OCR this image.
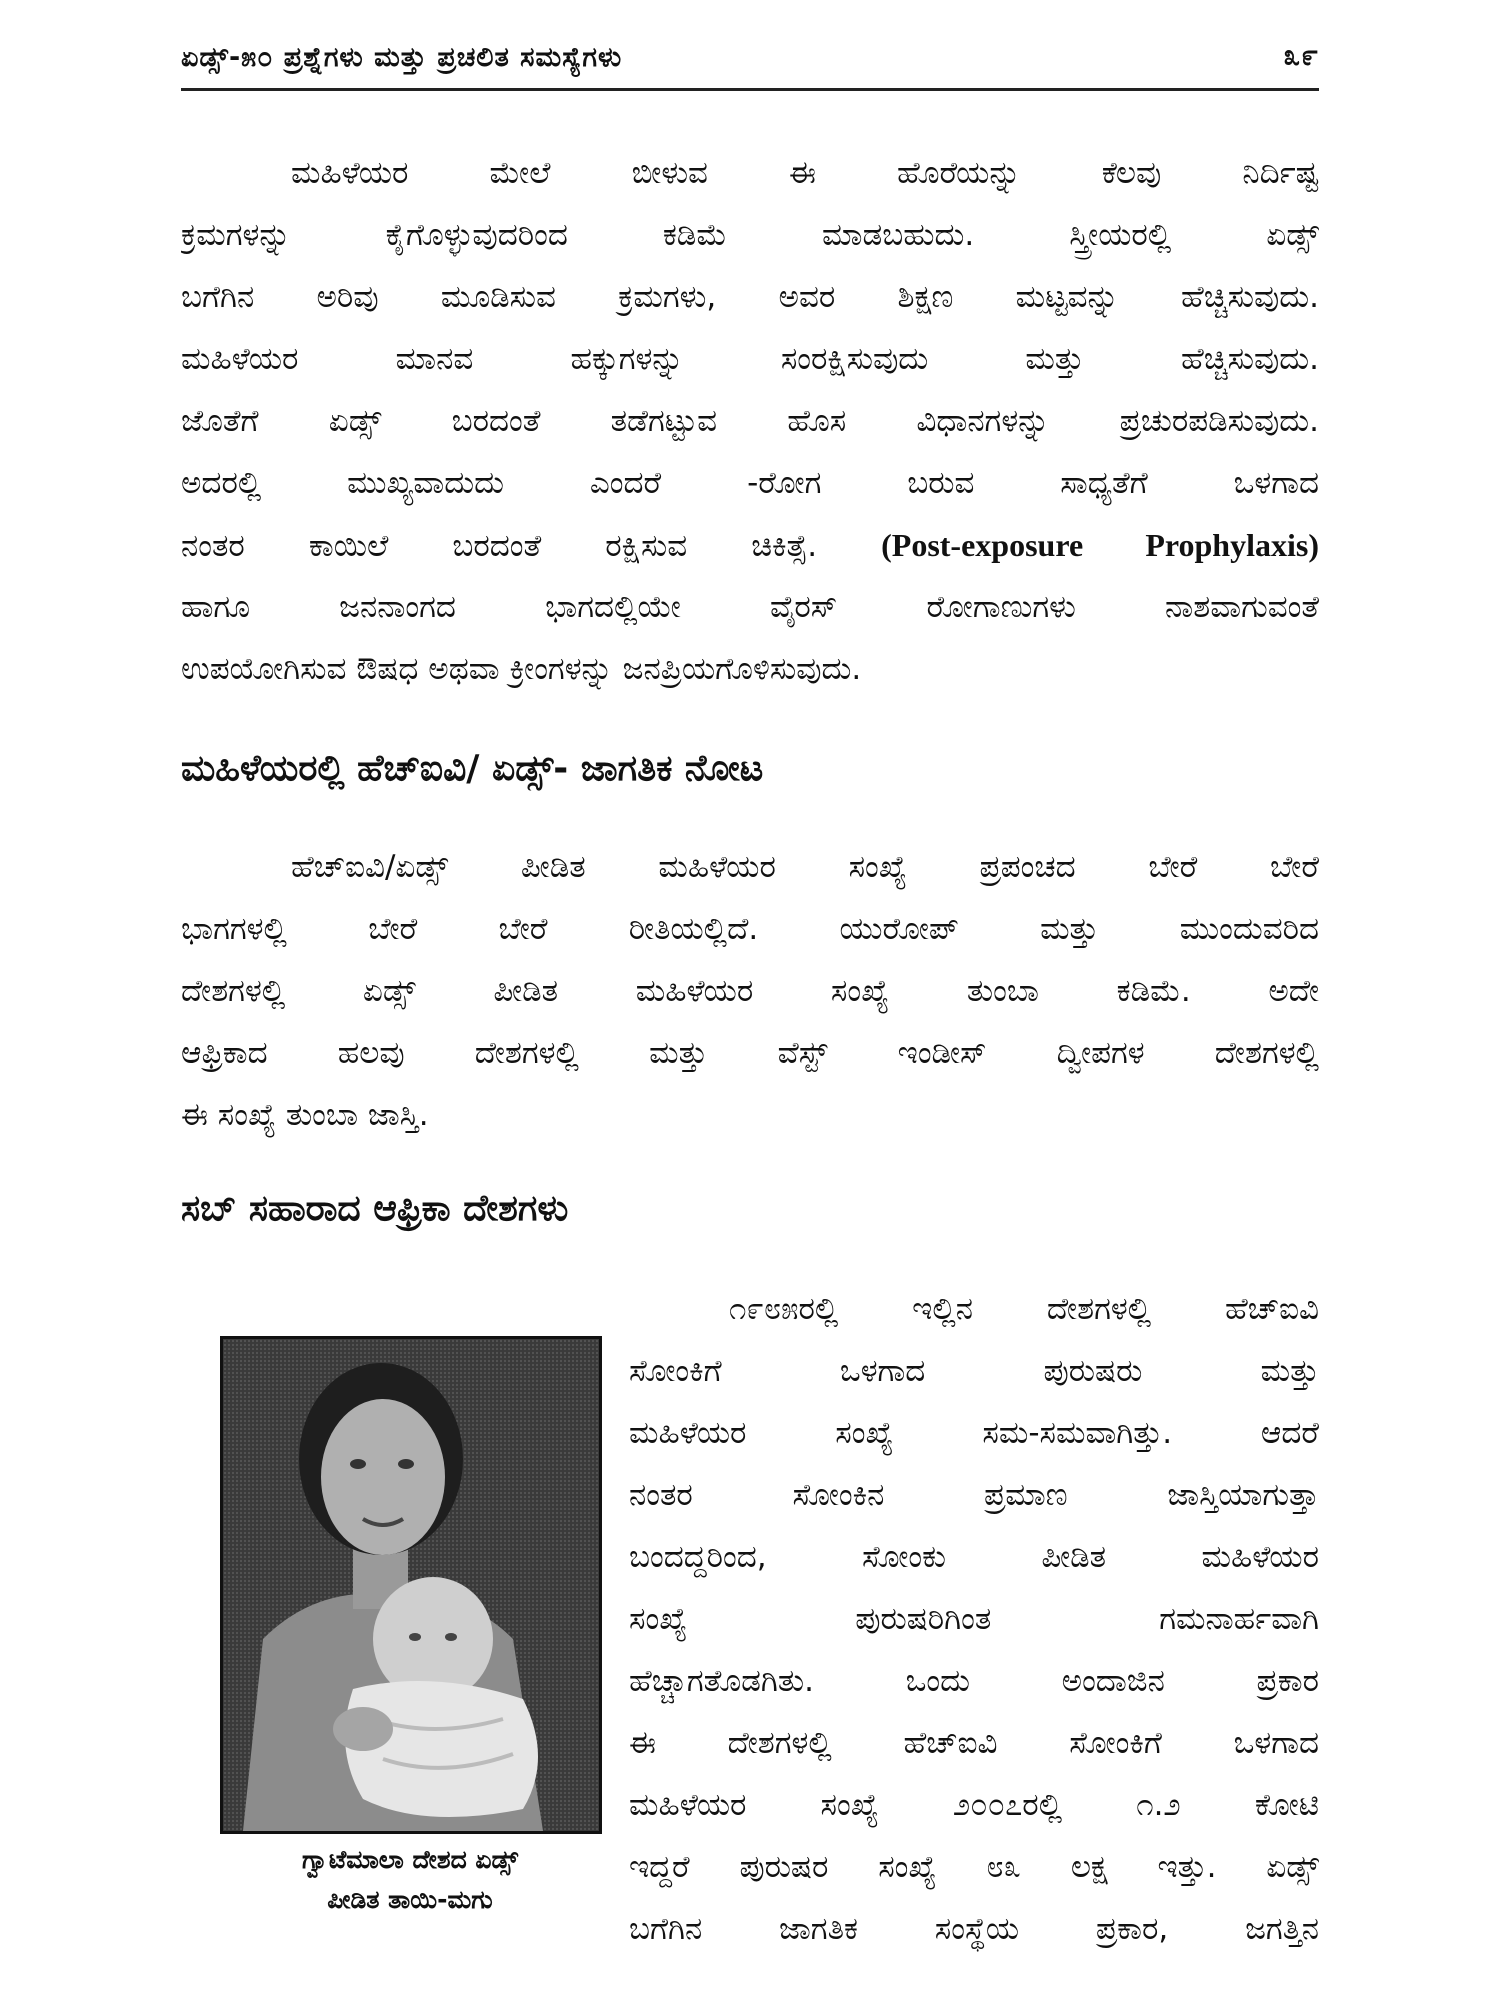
ಏಡ್ಸ್-೫೦ ಪ್ರಶ್ನೆಗಳು ಮತ್ತು ಪ್ರಚಲಿತ ಸಮಸ್ಯೆಗಳು	೩೯
ಮಹಿಳೆಯರ ಮೇಲೆ ಬೀಳುವ ಈ ಹೊರೆಯನ್ನು ಕೆಲವು ನಿರ್ದಿಷ್ಟ
ಕ್ರಮಗಳನ್ನು ಕೈಗೊಳ್ಳುವುದರಿಂದ ಕಡಿಮೆ ಮಾಡಬಹುದು. ಸ್ತ್ರೀಯರಲ್ಲಿ ಏಡ್ಸ್
ಬಗೆಗಿನ ಅರಿವು ಮೂಡಿಸುವ ಕ್ರಮಗಳು, ಅವರ ಶಿಕ್ಷಣ ಮಟ್ಟವನ್ನು ಹೆಚ್ಚಿಸುವುದು.
ಮಹಿಳೆಯರ ಮಾನವ ಹಕ್ಕುಗಳನ್ನು ಸಂರಕ್ಷಿಸುವುದು ಮತ್ತು ಹೆಚ್ಚಿಸುವುದು.
ಜೊತೆಗೆ ಏಡ್ಸ್ ಬರದಂತೆ ತಡೆಗಟ್ಟುವ ಹೊಸ ವಿಧಾನಗಳನ್ನು ಪ್ರಚುರಪಡಿಸುವುದು.
ಅದರಲ್ಲಿ ಮುಖ್ಯವಾದುದು ಎಂದರೆ -ರೋಗ ಬರುವ ಸಾಧ್ಯತೆಗೆ ಒಳಗಾದ
ನಂತರ ಕಾಯಿಲೆ ಬರದಂತೆ ರಕ್ಷಿಸುವ ಚಿಕಿತ್ಸೆ. (Post-exposure Prophylaxis)
ಹಾಗೂ ಜನನಾಂಗದ ಭಾಗದಲ್ಲಿಯೇ ವೈರಸ್ ರೋಗಾಣುಗಳು ನಾಶವಾಗುವಂತೆ
ಉಪಯೋಗಿಸುವ ಔಷಧ ಅಥವಾ ಕ್ರೀಂಗಳನ್ನು ಜನಪ್ರಿಯಗೊಳಿಸುವುದು.
ಮಹಿಳೆಯರಲ್ಲಿ ಹೆಚ್‌ಐವಿ/ ಏಡ್ಸ್- ಜಾಗತಿಕ ನೋಟ
ಹೆಚ್‌ಐವಿ/ಏಡ್ಸ್ ಪೀಡಿತ ಮಹಿಳೆಯರ ಸಂಖ್ಯೆ ಪ್ರಪಂಚದ ಬೇರೆ ಬೇರೆ
ಭಾಗಗಳಲ್ಲಿ ಬೇರೆ ಬೇರೆ ರೀತಿಯಲ್ಲಿದೆ. ಯುರೋಪ್ ಮತ್ತು ಮುಂದುವರಿದ
ದೇಶಗಳಲ್ಲಿ ಏಡ್ಸ್ ಪೀಡಿತ ಮಹಿಳೆಯರ ಸಂಖ್ಯೆ ತುಂಬಾ ಕಡಿಮೆ. ಅದೇ
ಆಫ್ರಿಕಾದ ಹಲವು ದೇಶಗಳಲ್ಲಿ ಮತ್ತು ವೆಸ್ಟ್ ಇಂಡೀಸ್ ದ್ವೀಪಗಳ ದೇಶಗಳಲ್ಲಿ
ಈ ಸಂಖ್ಯೆ ತುಂಬಾ ಜಾಸ್ತಿ.
ಸಬ್ ಸಹಾರಾದ ಆಫ್ರಿಕಾ ದೇಶಗಳು
ಗ್ವಾಟೆಮಾಲಾ ದೇಶದ ಏಡ್ಸ್
ಪೀಡಿತ ತಾಯಿ-ಮಗು
೧೯೮೫ರಲ್ಲಿ ಇಲ್ಲಿನ ದೇಶಗಳಲ್ಲಿ ಹೆಚ್‌ಐವಿ
ಸೋಂಕಿಗೆ ಒಳಗಾದ ಪುರುಷರು ಮತ್ತು
ಮಹಿಳೆಯರ ಸಂಖ್ಯೆ ಸಮ-ಸಮವಾಗಿತ್ತು. ಆದರೆ
ನಂತರ ಸೋಂಕಿನ ಪ್ರಮಾಣ ಜಾಸ್ತಿಯಾಗುತ್ತಾ
ಬಂದದ್ದರಿಂದ, ಸೋಂಕು ಪೀಡಿತ ಮಹಿಳೆಯರ
ಸಂಖ್ಯೆ ಪುರುಷರಿಗಿಂತ ಗಮನಾರ್ಹವಾಗಿ
ಹೆಚ್ಚಾಗತೊಡಗಿತು. ಒಂದು ಅಂದಾಜಿನ ಪ್ರಕಾರ
ಈ ದೇಶಗಳಲ್ಲಿ ಹೆಚ್‌ಐವಿ ಸೋಂಕಿಗೆ ಒಳಗಾದ
ಮಹಿಳೆಯರ ಸಂಖ್ಯೆ ೨೦೦೭ರಲ್ಲಿ ೧.೨ ಕೋಟಿ
ಇದ್ದರೆ ಪುರುಷರ ಸಂಖ್ಯೆ ೮೩ ಲಕ್ಷ ಇತ್ತು. ಏಡ್ಸ್
ಬಗೆಗಿನ ಜಾಗತಿಕ ಸಂಸ್ಥೆಯ ಪ್ರಕಾರ, ಜಗತ್ತಿನ
